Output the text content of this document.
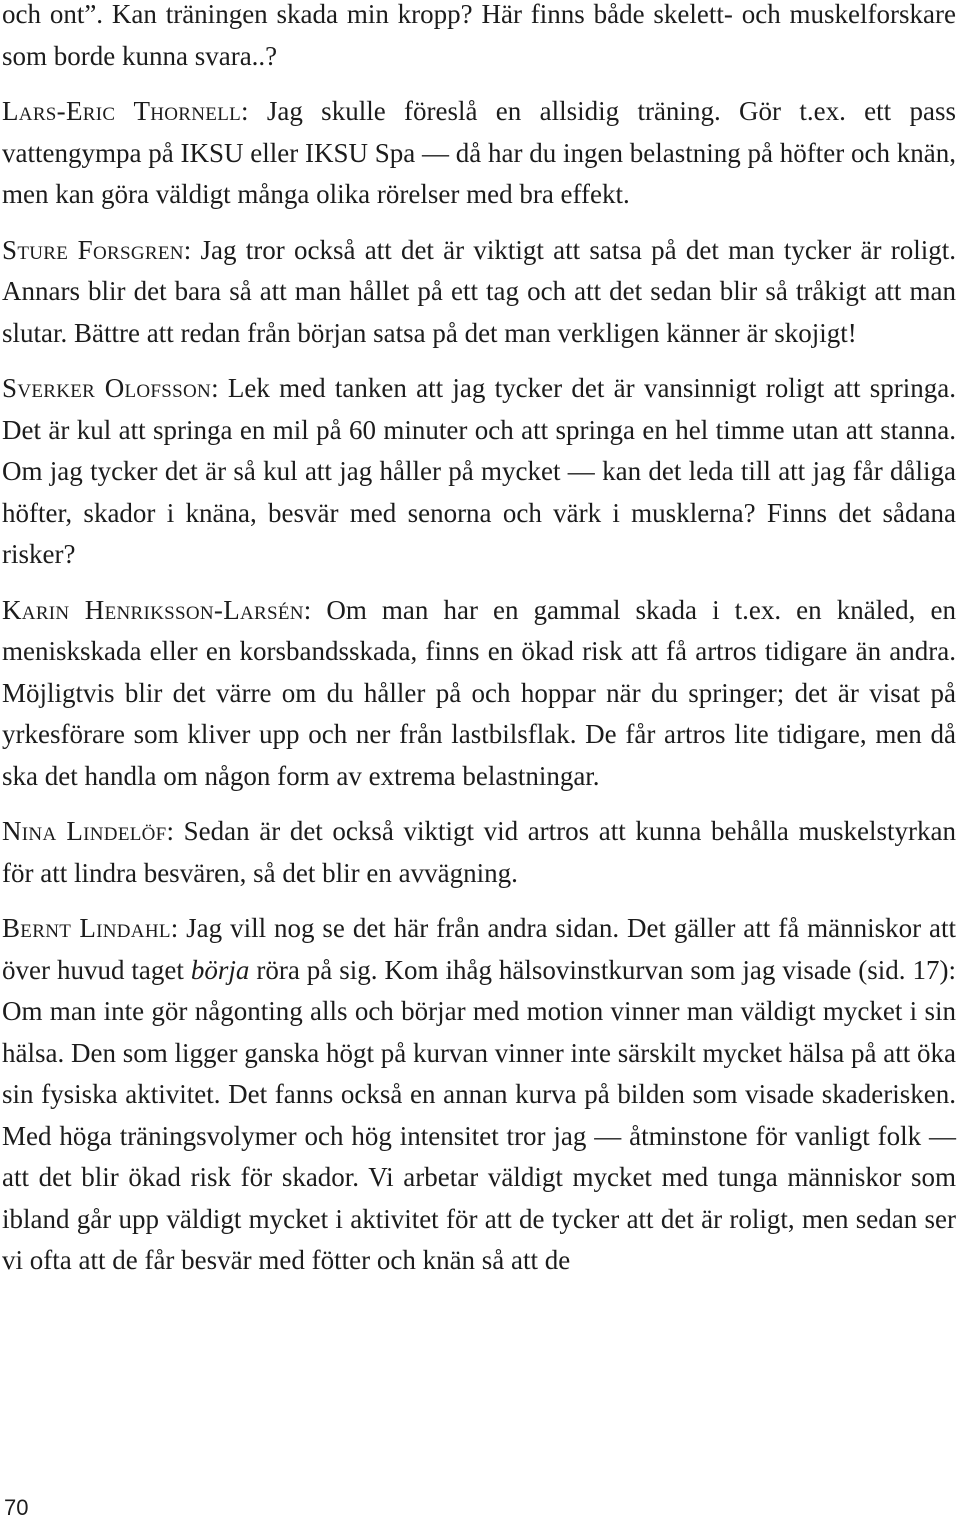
och ont”. Kan träningen skada min kropp? Här finns både skelett- och muskelforskare som borde kunna svara..?

Lars-Eric Thornell: Jag skulle föreslå en allsidig träning. Gör t.ex. ett pass vattengympa på IKSU eller IKSU Spa — då har du ingen belastning på höfter och knän, men kan göra väldigt många olika rörelser med bra effekt.

Sture Forsgren: Jag tror också att det är viktigt att satsa på det man tycker är roligt. Annars blir det bara så att man hållet på ett tag och att det sedan blir så tråkigt att man slutar. Bättre att redan från början satsa på det man verkligen känner är skojigt!

Sverker Olofsson: Lek med tanken att jag tycker det är vansinnigt roligt att springa. Det är kul att springa en mil på 60 minuter och att springa en hel timme utan att stanna. Om jag tycker det är så kul att jag håller på mycket — kan det leda till att jag får dåliga höfter, skador i knäna, besvär med senorna och värk i musklerna? Finns det sådana risker?

Karin Henriksson-Larsén: Om man har en gammal skada i t.ex. en knäled, en meniskskada eller en korsbandsskada, finns en ökad risk att få artros tidigare än andra. Möjligtvis blir det värre om du håller på och hoppar när du springer; det är visat på yrkesförare som kliver upp och ner från lastbilsflak. De får artros lite tidigare, men då ska det handla om någon form av extrema belastningar.

Nina Lindelöf: Sedan är det också viktigt vid artros att kunna behålla muskelstyrkan för att lindra besvären, så det blir en avvägning.

Bernt Lindahl: Jag vill nog se det här från andra sidan. Det gäller att få människor att över huvud taget börja röra på sig. Kom ihåg hälsovinstkurvan som jag visade (sid. 17): Om man inte gör någonting alls och börjar med motion vinner man väldigt mycket i sin hälsa. Den som ligger ganska högt på kurvan vinner inte särskilt mycket hälsa på att öka sin fysiska aktivitet. Det fanns också en annan kurva på bilden som visade skaderisken. Med höga träningsvolymer och hög intensitet tror jag — åtminstone för vanligt folk — att det blir ökad risk för skador. Vi arbetar väldigt mycket med tunga människor som ibland går upp väldigt mycket i aktivitet för att de tycker att det är roligt, men sedan ser vi ofta att de får besvär med fötter och knän så att de

70
